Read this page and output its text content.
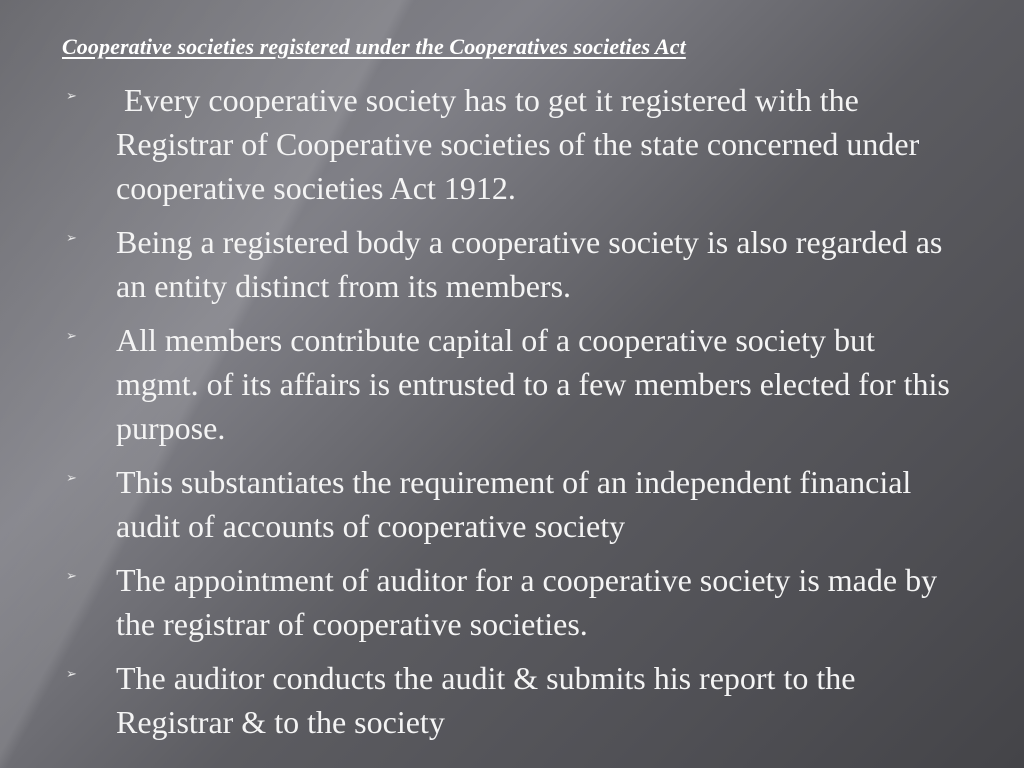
Cooperative societies registered under the Cooperatives societies Act
➢	Every cooperative society has to get it registered with the Registrar of Cooperative societies of the state concerned under cooperative societies Act 1912.
➢	Being a registered body a cooperative society is also regarded as an entity distinct from its members.
➢	All members contribute capital of a cooperative society but mgmt. of its affairs is entrusted to a few members elected for this purpose.
➢	This substantiates the requirement of an independent financial audit of accounts of cooperative society
➢	The appointment of auditor for a cooperative society is made by the registrar of cooperative societies.
➢	The auditor conducts the audit & submits his report to the Registrar & to the society
